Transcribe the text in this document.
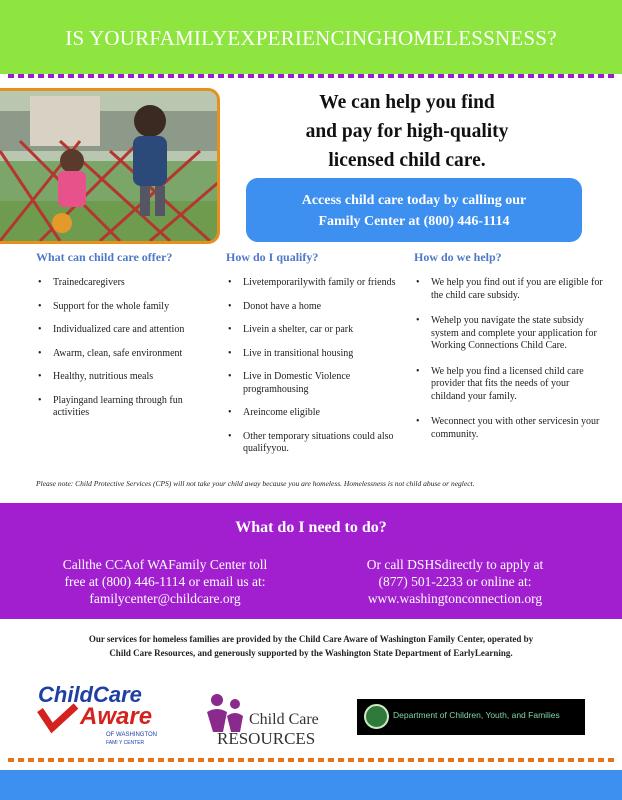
IS YOURFAMILYEXPERIENCINGHOMELESSNESS?
We can help you find
and pay for high-quality
licensed child care.
Access child care today by calling our
Family Center at (800) 446-1114
What can child care offer?
• Trainedcaregivers
• Support for the whole family
• Individualized care and attention
• Awarm, clean, safe environment
• Healthy, nutritious meals
• Playingand learning through fun activities
How do I qualify?
• Livetemporarilywith family or friends
• Donot have a home
• Livein a shelter, car or park
• Live in transitional housing
• Live in Domestic Violence programhousing
• Areincome eligible
• Other temporary situations could also qualifyyou.
How do we help?
• We help you find out if you are eligible for the child care subsidy.
• Wehelp you navigate the state subsidy system and complete your application for Working Connections Child Care.
• We help you find a licensed child care provider that fits the needs of your childand your family.
• Weconnect you with other servicesin your community.
Please note: Child Protective Services (CPS) will not take your child away because you are homeless. Homelessness is not child abuse or neglect.
What do I need to do?
Callthe CCAof WAFamily Center toll
free at (800) 446-1114 or email us at:
familycenter@childcare.org
Or call DSHSdirectly to apply at
(877) 501-2233 or online at:
www.washingtonconnection.org
Our services for homeless families are provided by the Child Care Aware of Washington Family Center, operated by
Child Care Resources, and generously supported by the Washington State Department of EarlyLearning.
ChildCare
Aware
OF WASHINGTON
FAMI Y CENTER
Child Care
RESOURCES
Department of Children, Youth, and Families
